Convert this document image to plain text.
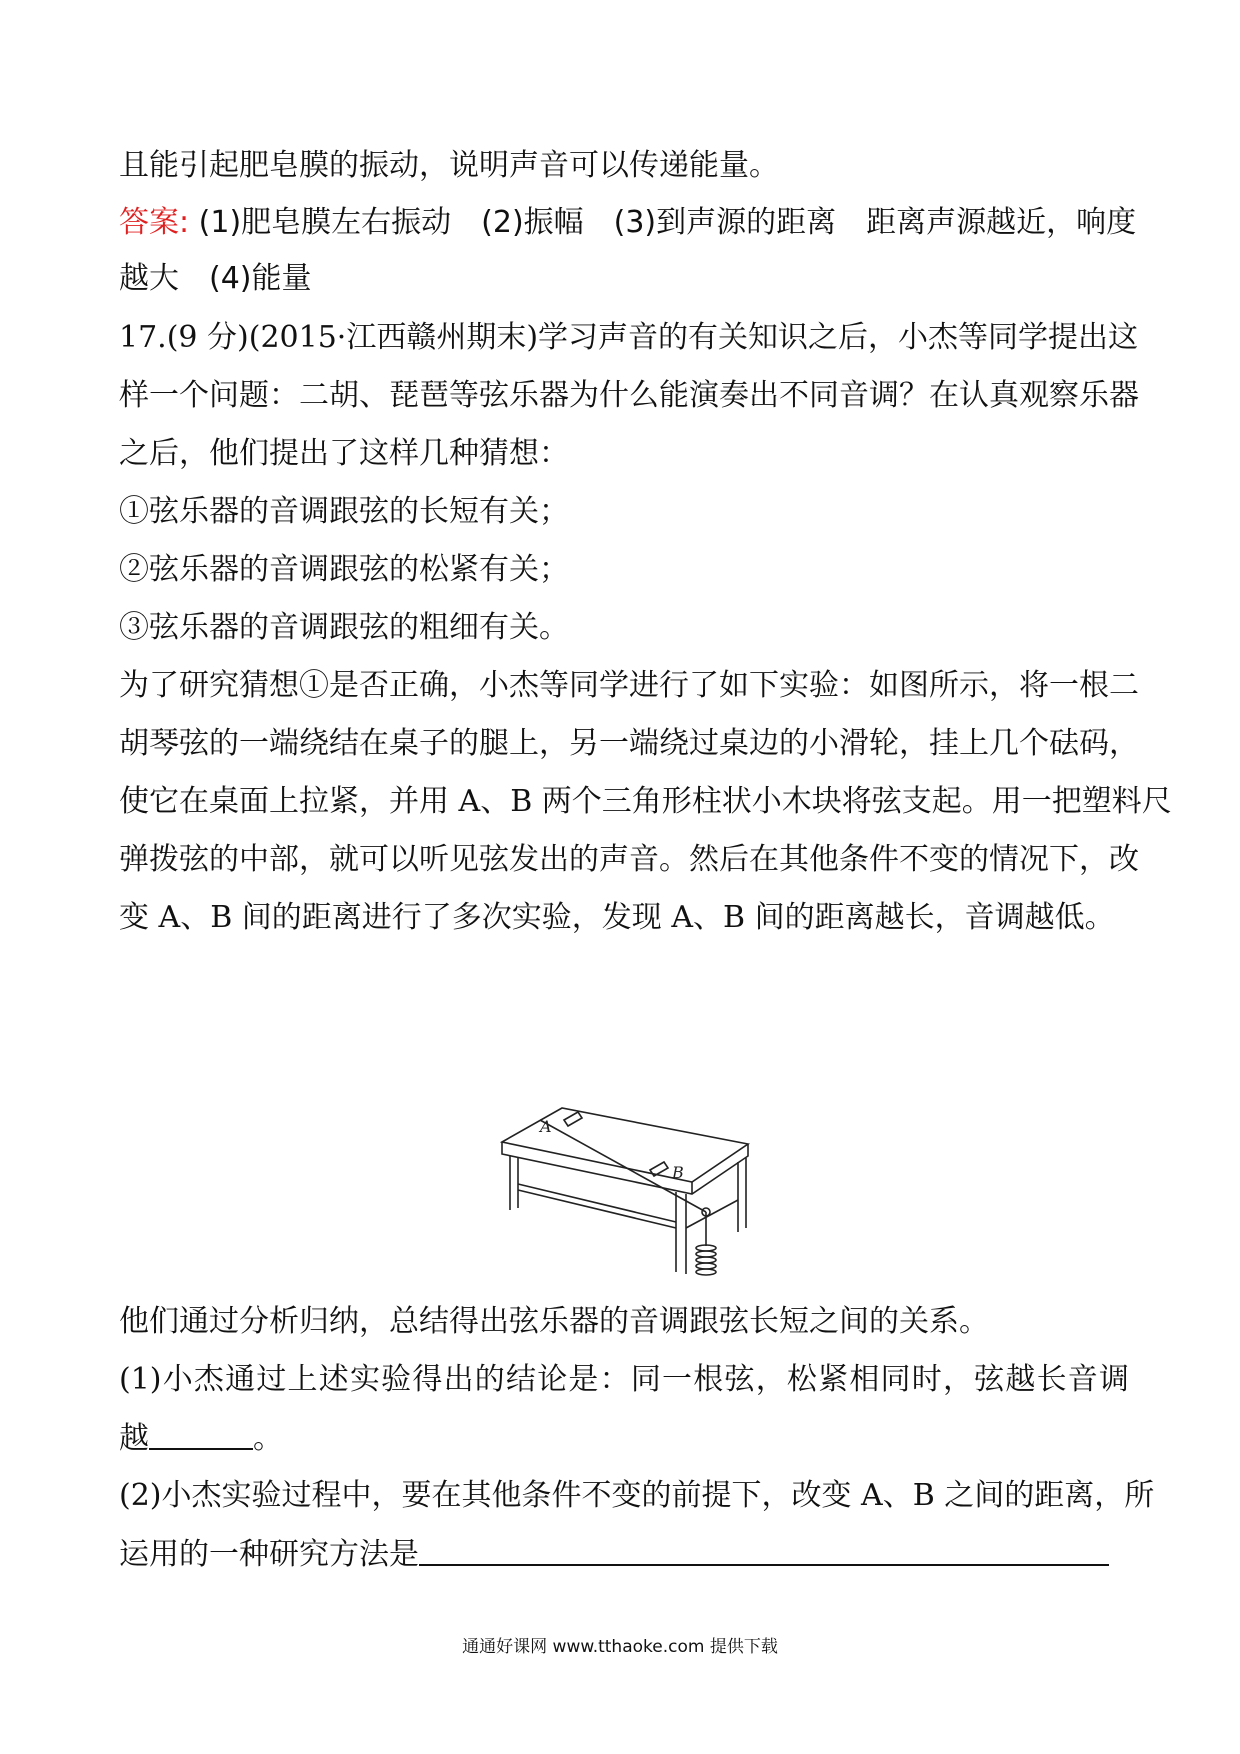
且能引起肥皂膜的振动，说明声音可以传递能量。
答案: (1)肥皂膜左右振动　(2)振幅　(3)到声源的距离　距离声源越近，响度
越大　(4)能量
17.(9 分)(2015·江西赣州期末)学习声音的有关知识之后，小杰等同学提出这
样一个问题：二胡、琵琶等弦乐器为什么能演奏出不同音调？在认真观察乐器
之后，他们提出了这样几种猜想：
①弦乐器的音调跟弦的长短有关；
②弦乐器的音调跟弦的松紧有关；
③弦乐器的音调跟弦的粗细有关。
为了研究猜想①是否正确，小杰等同学进行了如下实验：如图所示，将一根二
胡琴弦的一端绕结在桌子的腿上，另一端绕过桌边的小滑轮，挂上几个砝码，
使它在桌面上拉紧，并用 A、B 两个三角形柱状小木块将弦支起。用一把塑料尺
弹拨弦的中部，就可以听见弦发出的声音。然后在其他条件不变的情况下，改
变 A、B 间的距离进行了多次实验，发现 A、B 间的距离越长，音调越低。
A
B
他们通过分析归纳，总结得出弦乐器的音调跟弦长短之间的关系。
(1)小杰通过上述实验得出的结论是：同一根弦，松紧相同时，弦越长音调
越	。
(2)小杰实验过程中，要在其他条件不变的前提下，改变 A、B 之间的距离，所
运用的一种研究方法是
通通好课网 www.tthaoke.com 提供下载
